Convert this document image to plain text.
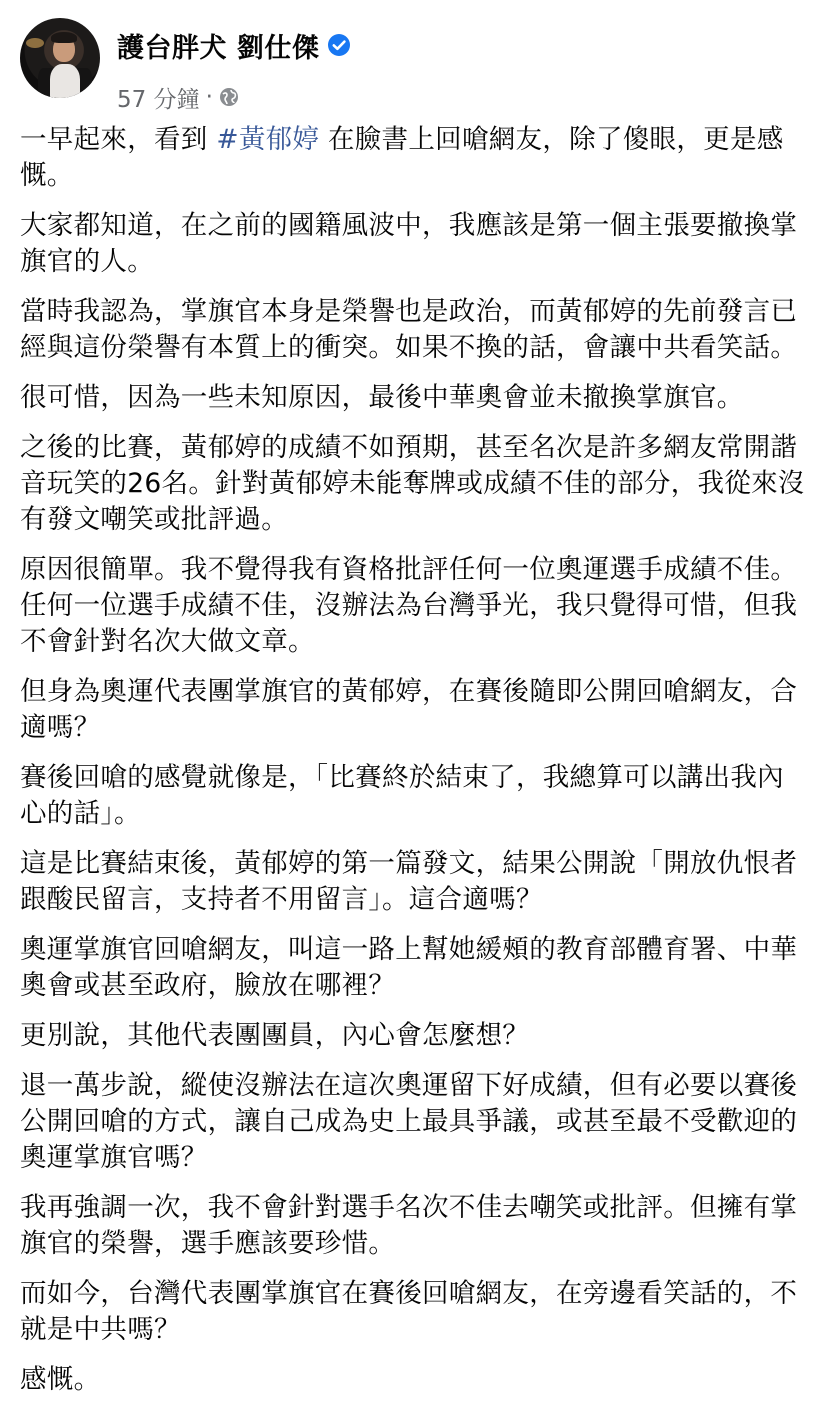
護台胖犬 劉仕傑
57 分鐘 ·

一早起來，看到 #黃郁婷 在臉書上回嗆網友，除了傻眼，更是感慨。

大家都知道，在之前的國籍風波中，我應該是第一個主張要撤換掌旗官的人。

當時我認為，掌旗官本身是榮譽也是政治，而黃郁婷的先前發言已經與這份榮譽有本質上的衝突。如果不換的話，會讓中共看笑話。

很可惜，因為一些未知原因，最後中華奧會並未撤換掌旗官。

之後的比賽，黃郁婷的成績不如預期，甚至名次是許多網友常開諧音玩笑的26名。針對黃郁婷未能奪牌或成績不佳的部分，我從來沒有發文嘲笑或批評過。

原因很簡單。我不覺得我有資格批評任何一位奧運選手成績不佳。任何一位選手成績不佳，沒辦法為台灣爭光，我只覺得可惜，但我不會針對名次大做文章。

但身為奧運代表團掌旗官的黃郁婷，在賽後隨即公開回嗆網友，合適嗎？

賽後回嗆的感覺就像是，「比賽終於結束了，我總算可以講出我內心的話」。

這是比賽結束後，黃郁婷的第一篇發文，結果公開說「開放仇恨者跟酸民留言，支持者不用留言」。這合適嗎？

奧運掌旗官回嗆網友，叫這一路上幫她緩頰的教育部體育署、中華奧會或甚至政府，臉放在哪裡？

更別說，其他代表團團員，內心會怎麼想？

退一萬步說，縱使沒辦法在這次奧運留下好成績，但有必要以賽後公開回嗆的方式，讓自己成為史上最具爭議，或甚至最不受歡迎的奧運掌旗官嗎？

我再強調一次，我不會針對選手名次不佳去嘲笑或批評。但擁有掌旗官的榮譽，選手應該要珍惜。

而如今，台灣代表團掌旗官在賽後回嗆網友，在旁邊看笑話的，不就是中共嗎？

感慨。
